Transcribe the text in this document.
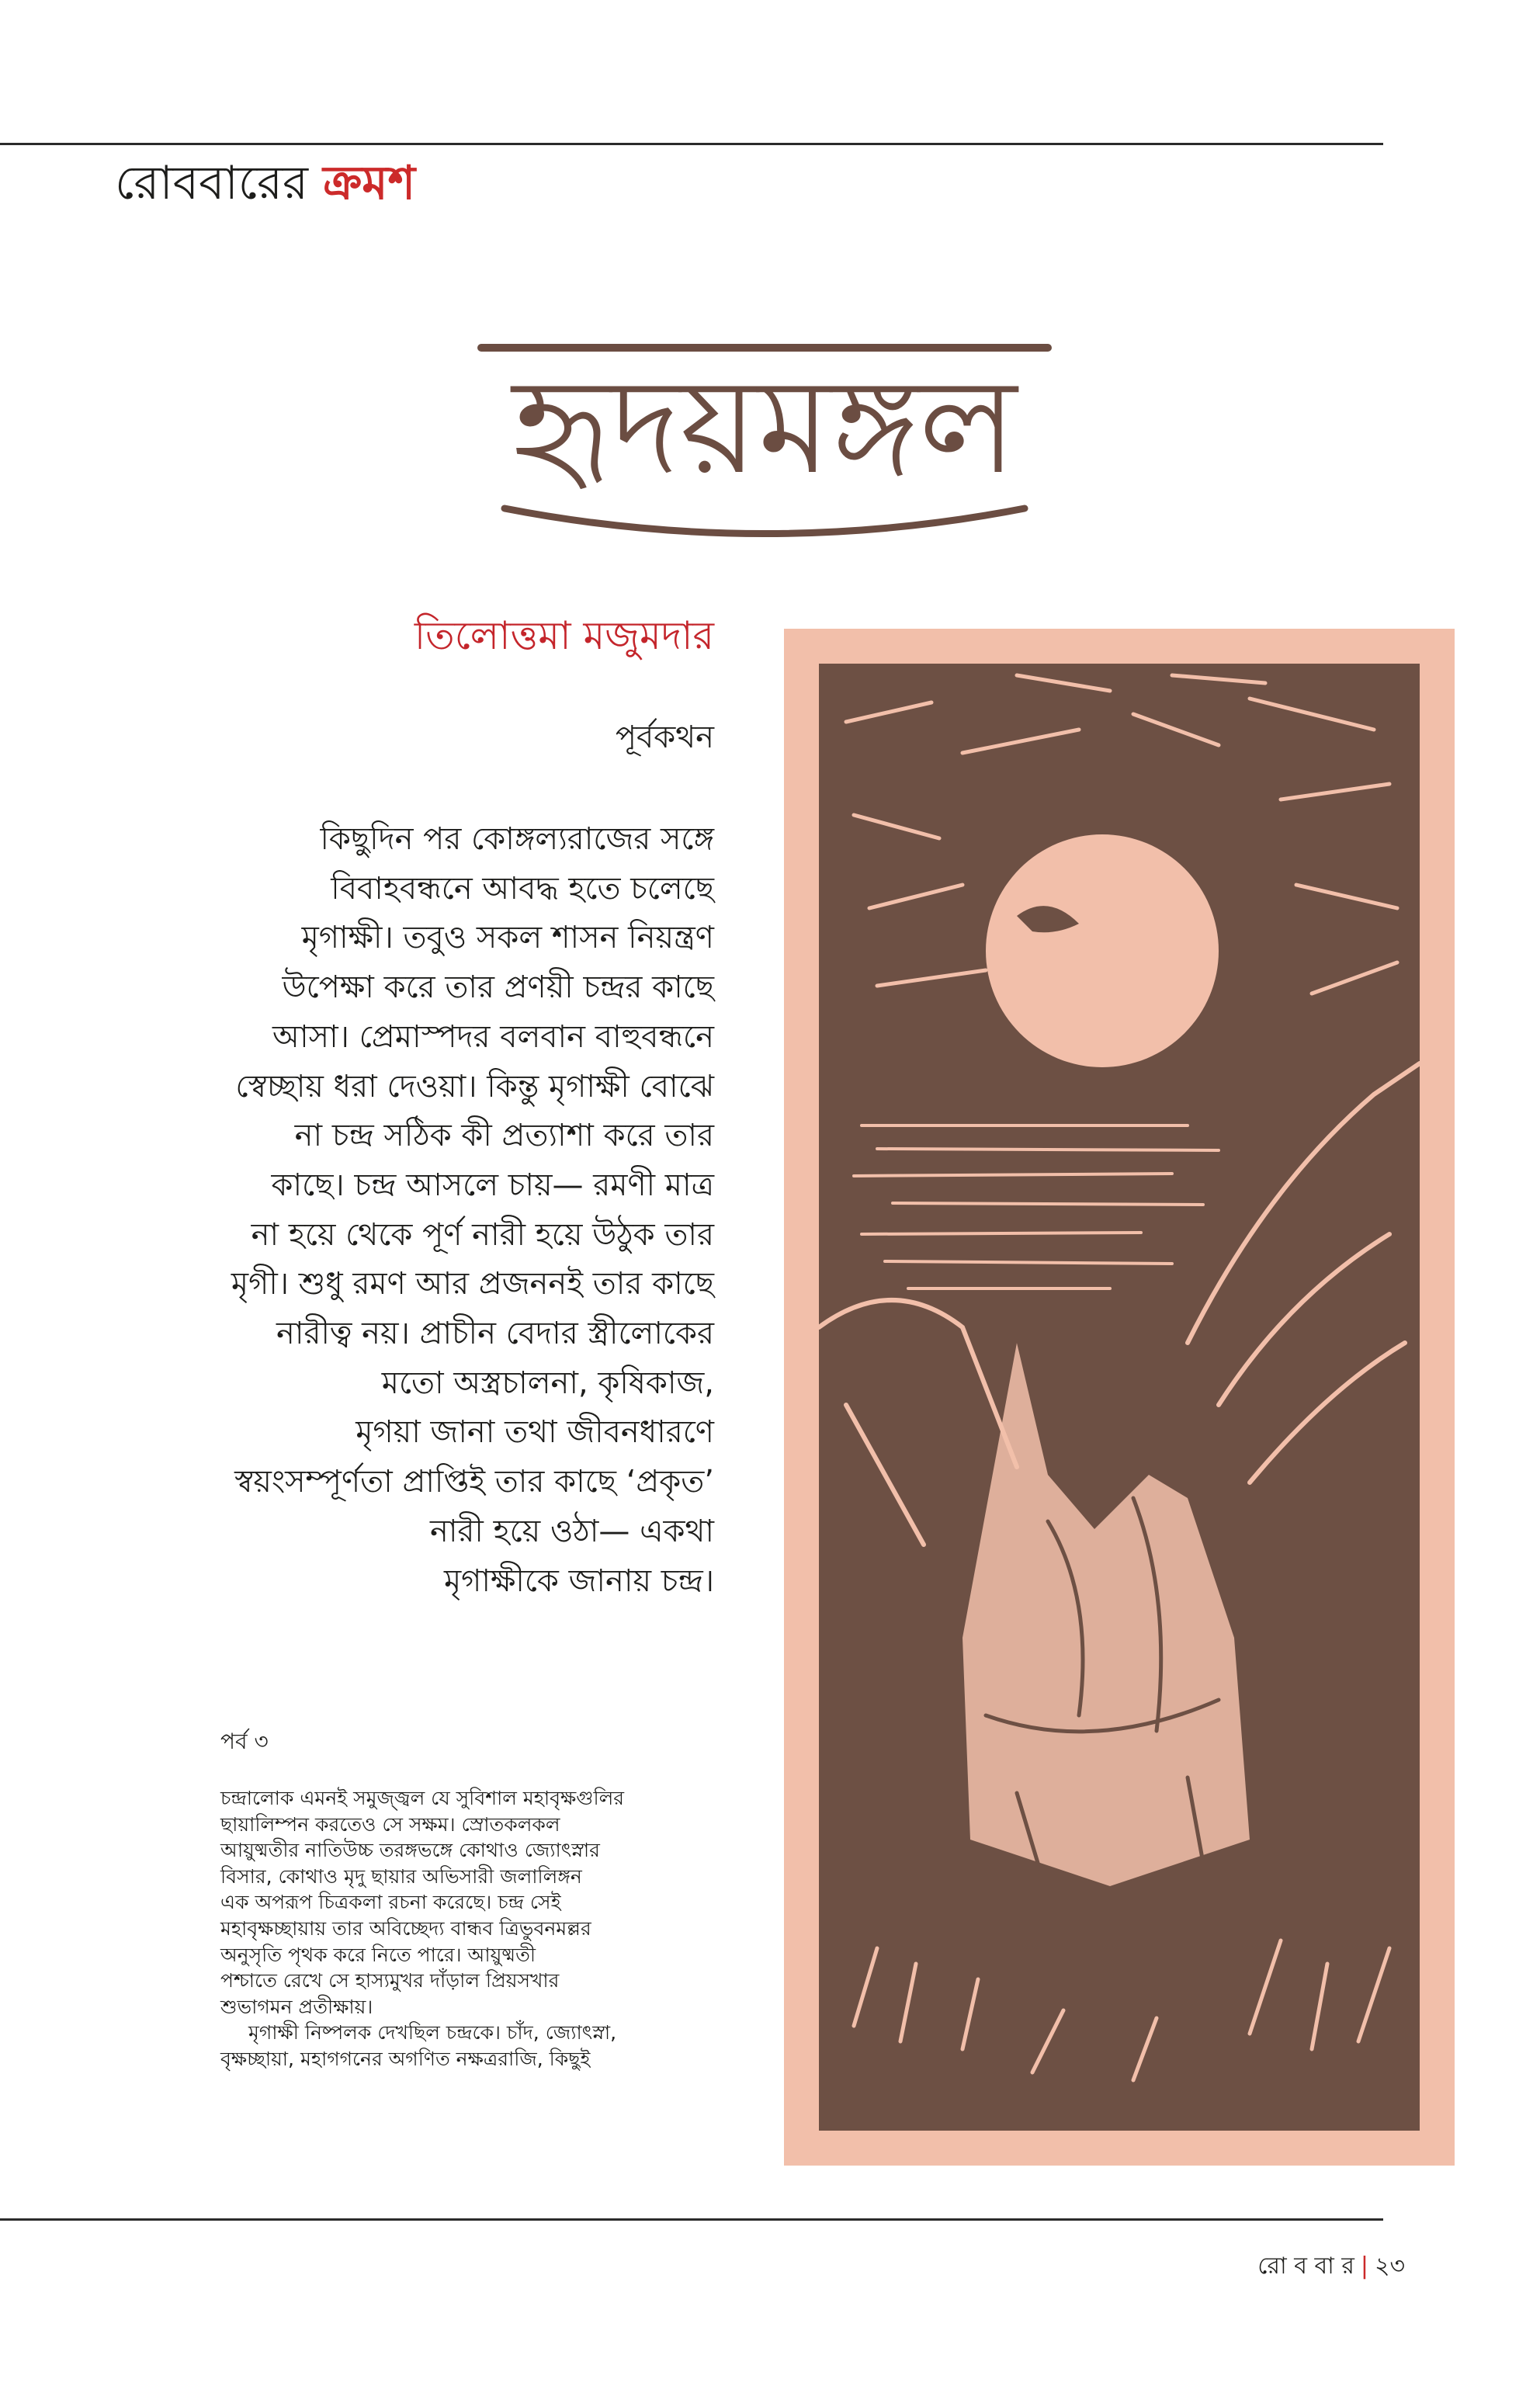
রোববারের ক্রমশ
হৃদয়মঙ্গল
তিলোত্তমা মজুমদার
পূর্বকথন
কিছুদিন পর কোঙ্গল্যরাজের সঙ্গে
বিবাহবন্ধনে আবদ্ধ হতে চলেছে
মৃগাক্ষী। তবুও সকল শাসন নিয়ন্ত্রণ
উপেক্ষা করে তার প্রণয়ী চন্দ্রর কাছে
আসা। প্রেমাস্পদর বলবান বাহুবন্ধনে
স্বেচ্ছায় ধরা দেওয়া। কিন্তু মৃগাক্ষী বোঝে
না চন্দ্র সঠিক কী প্রত্যাশা করে তার
কাছে। চন্দ্র আসলে চায়— রমণী মাত্র
না হয়ে থেকে পূর্ণ নারী হয়ে উঠুক তার
মৃগী। শুধু রমণ আর প্রজননই তার কাছে
নারীত্ব নয়। প্রাচীন বেদার স্ত্রীলোকের
মতো অস্ত্রচালনা, কৃষিকাজ,
মৃগয়া জানা তথা জীবনধারণে
স্বয়ংসম্পূর্ণতা প্রাপ্তিই তার কাছে ‘প্রকৃত’
নারী হয়ে ওঠা— একথা
মৃগাক্ষীকে জানায় চন্দ্র।
পর্ব ৩
চন্দ্রালোক এমনই সমুজ্জ্বল যে সুবিশাল মহাবৃক্ষগুলির
ছায়ালিম্পন করতেও সে সক্ষম। স্রোতকলকল
আয়ুষ্মতীর নাতিউচ্চ তরঙ্গভঙ্গে কোথাও জ্যোৎস্নার
বিসার, কোথাও মৃদু ছায়ার অভিসারী জলালিঙ্গন
এক অপরূপ চিত্রকলা রচনা করেছে। চন্দ্র সেই
মহাবৃক্ষচ্ছায়ায় তার অবিচ্ছেদ্য বান্ধব ত্রিভুবনমল্লর
অনুসৃতি পৃথক করে নিতে পারে। আয়ুষ্মতী
পশ্চাতে রেখে সে হাস্যমুখর দাঁড়াল প্রিয়সখার
শুভাগমন প্রতীক্ষায়।
মৃগাক্ষী নিষ্পলক দেখছিল চন্দ্রকে। চাঁদ, জ্যোৎস্না,
বৃক্ষচ্ছায়া, মহাগগনের অগণিত নক্ষত্ররাজি, কিছুই
রো ব বা র | ২৩
